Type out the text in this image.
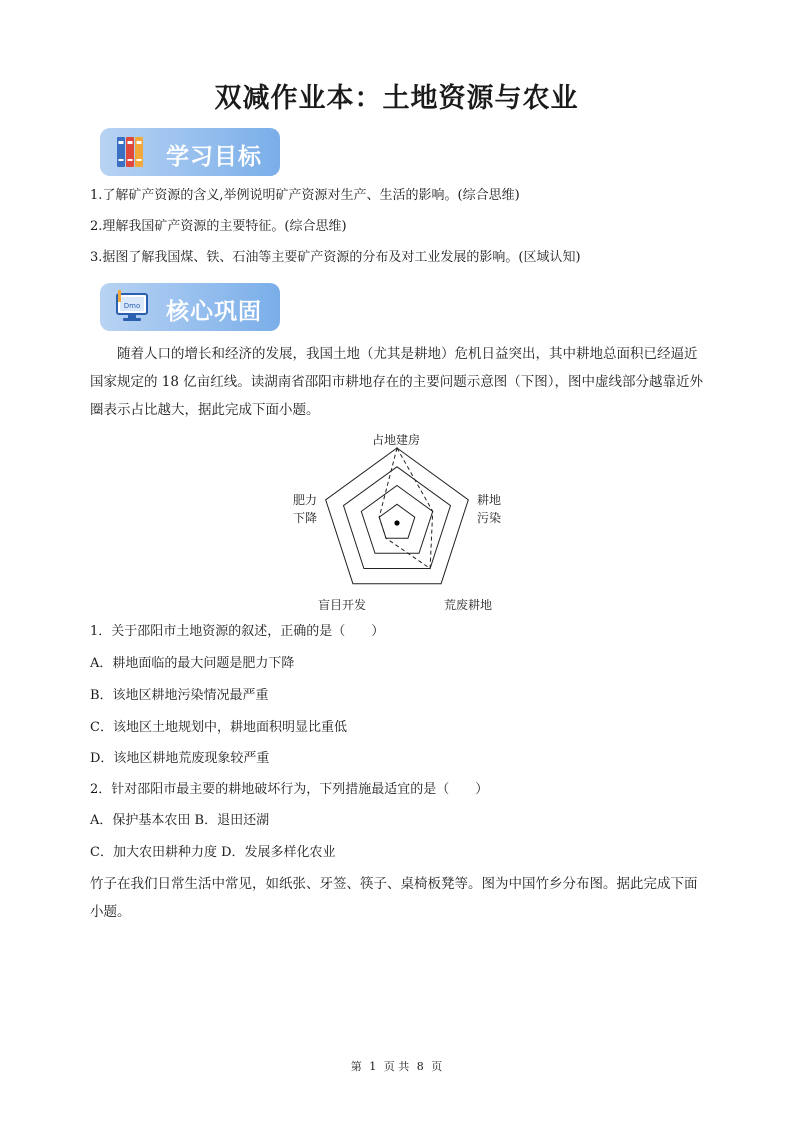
双减作业本：土地资源与农业
学习目标
1.了解矿产资源的含义,举例说明矿产资源对生产、生活的影响。(综合思维)
2.理解我国矿产资源的主要特征。(综合思维)
3.据图了解我国煤、铁、石油等主要矿产资源的分布及对工业发展的影响。(区域认知)
Dmo 核心巩固
随着人口的增长和经济的发展，我国土地（尤其是耕地）危机日益突出，其中耕地总面积已经逼近国家规定的 18 亿亩红线。读湖南省邵阳市耕地存在的主要问题示意图（下图），图中虚线部分越靠近外圈表示占比越大，据此完成下面小题。
占地建房
耕地
污染
荒废耕地
盲目开发
肥力
下降
1．关于邵阳市土地资源的叙述，正确的是（　　）
A．耕地面临的最大问题是肥力下降
B．该地区耕地污染情况最严重
C．该地区土地规划中，耕地面积明显比重低
D．该地区耕地荒废现象较严重
2．针对邵阳市最主要的耕地破坏行为，下列措施最适宜的是（　　）
A．保护基本农田 B．退田还湖
C．加大农田耕种力度 D．发展多样化农业
竹子在我们日常生活中常见，如纸张、牙签、筷子、桌椅板凳等。图为中国竹乡分布图。据此完成下面小题。
第 1 页 共 8 页
